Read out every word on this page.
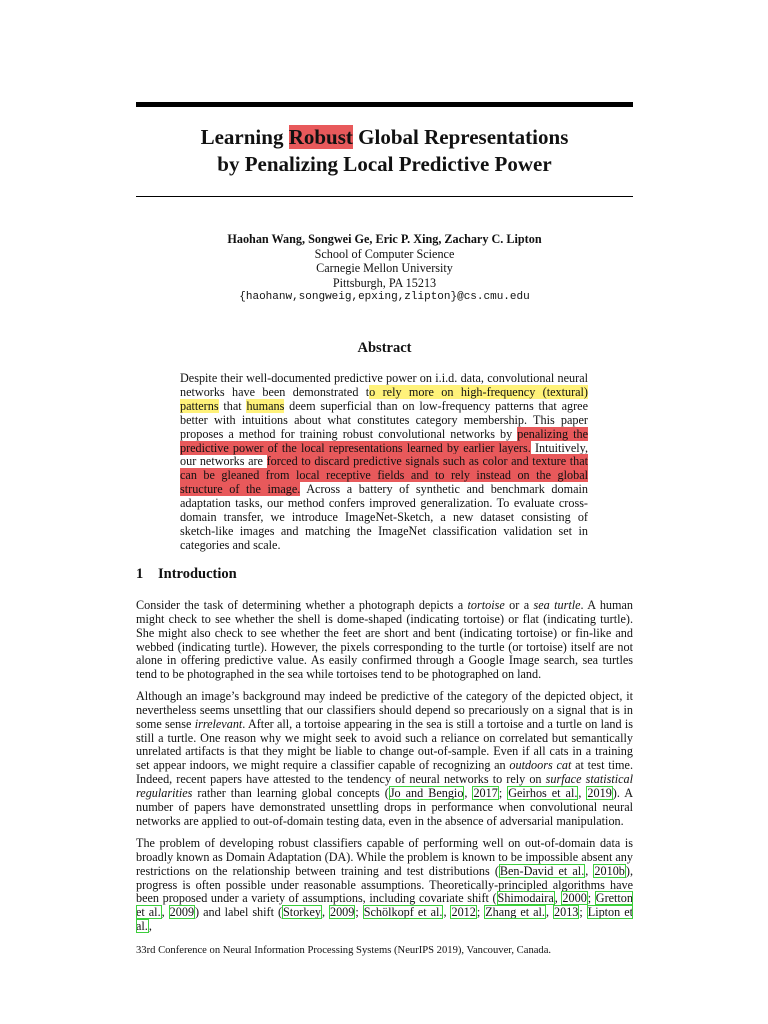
Learning Robust Global Representations
by Penalizing Local Predictive Power
Haohan Wang, Songwei Ge, Eric P. Xing, Zachary C. Lipton
School of Computer Science
Carnegie Mellon University
Pittsburgh, PA 15213
{haohanw,songweig,epxing,zlipton}@cs.cmu.edu
Abstract

Despite their well-documented predictive power on i.i.d. data, convolutional neural networks have been demonstrated to rely more on high-frequency (textural) patterns that humans deem superficial than on low-frequency patterns that agree better with intuitions about what constitutes category membership. This paper proposes a method for training robust convolutional networks by penalizing the predictive power of the local representations learned by earlier layers. Intuitively, our networks are forced to discard predictive signals such as color and texture that can be gleaned from local receptive fields and to rely instead on the global structure of the image. Across a battery of synthetic and benchmark domain adaptation tasks, our method confers improved generalization. To evaluate cross-domain transfer, we introduce ImageNet-Sketch, a new dataset consisting of sketch-like images and matching the ImageNet classification validation set in categories and scale.

1 Introduction

Consider the task of determining whether a photograph depicts a tortoise or a sea turtle. A human might check to see whether the shell is dome-shaped (indicating tortoise) or flat (indicating turtle). She might also check to see whether the feet are short and bent (indicating tortoise) or fin-like and webbed (indicating turtle). However, the pixels corresponding to the turtle (or tortoise) itself are not alone in offering predictive value. As easily confirmed through a Google Image search, sea turtles tend to be photographed in the sea while tortoises tend to be photographed on land.

Although an image’s background may indeed be predictive of the category of the depicted object, it nevertheless seems unsettling that our classifiers should depend so precariously on a signal that is in some sense irrelevant. After all, a tortoise appearing in the sea is still a tortoise and a turtle on land is still a turtle. One reason why we might seek to avoid such a reliance on correlated but semantically unrelated artifacts is that they might be liable to change out-of-sample. Even if all cats in a training set appear indoors, we might require a classifier capable of recognizing an outdoors cat at test time. Indeed, recent papers have attested to the tendency of neural networks to rely on surface statistical regularities rather than learning global concepts (Jo and Bengio, 2017; Geirhos et al., 2019). A number of papers have demonstrated unsettling drops in performance when convolutional neural networks are applied to out-of-domain testing data, even in the absence of adversarial manipulation.

The problem of developing robust classifiers capable of performing well on out-of-domain data is broadly known as Domain Adaptation (DA). While the problem is known to be impossible absent any restrictions on the relationship between training and test distributions (Ben-David et al., 2010b), progress is often possible under reasonable assumptions. Theoretically-principled algorithms have been proposed under a variety of assumptions, including covariate shift (Shimodaira, 2000; Gretton et al., 2009) and label shift (Storkey, 2009; Schölkopf et al., 2012; Zhang et al., 2013; Lipton et al.,

33rd Conference on Neural Information Processing Systems (NeurIPS 2019), Vancouver, Canada.
